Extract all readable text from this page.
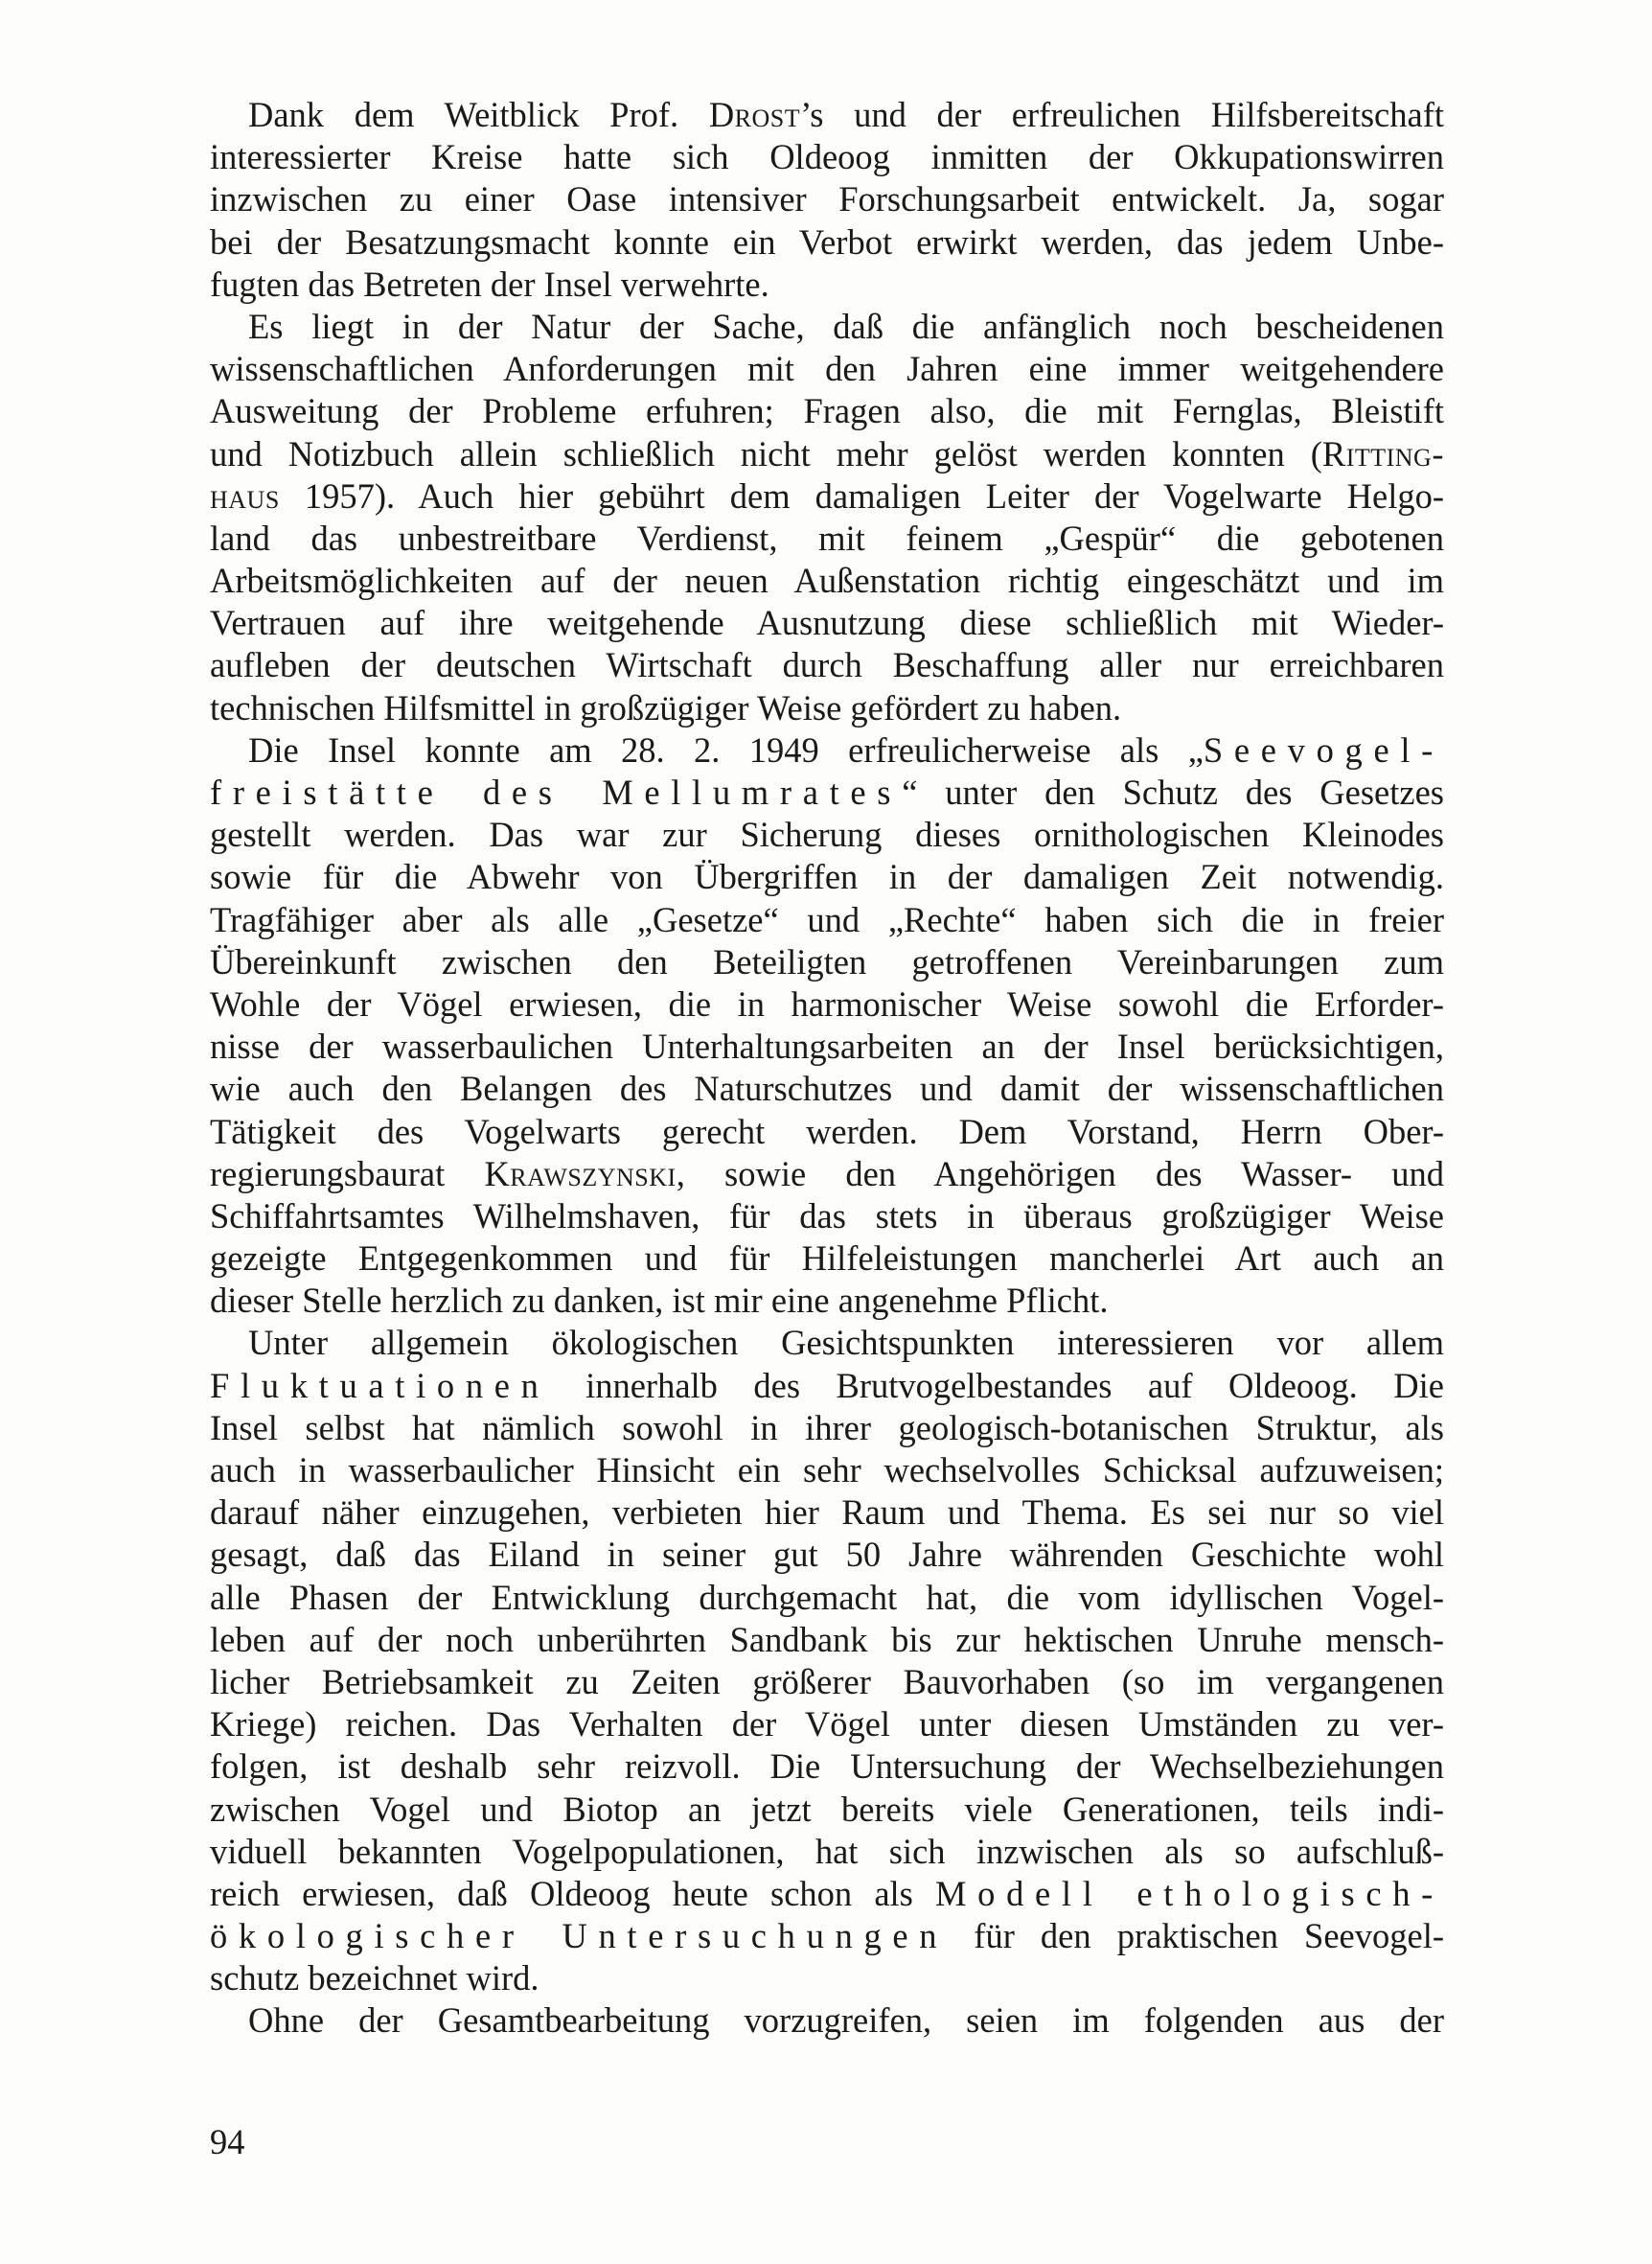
Dank dem Weitblick Prof. Drost’s und der erfreulichen Hilfsbereitschaft
interessierter Kreise hatte sich Oldeoog inmitten der Okkupationswirren
inzwischen zu einer Oase intensiver Forschungsarbeit entwickelt. Ja, sogar
bei der Besatzungsmacht konnte ein Verbot erwirkt werden, das jedem Unbe-
fugten das Betreten der Insel verwehrte.
Es liegt in der Natur der Sache, daß die anfänglich noch bescheidenen
wissenschaftlichen Anforderungen mit den Jahren eine immer weitgehendere
Ausweitung der Probleme erfuhren; Fragen also, die mit Fernglas, Bleistift
und Notizbuch allein schließlich nicht mehr gelöst werden konnten (Ritting-
haus 1957). Auch hier gebührt dem damaligen Leiter der Vogelwarte Helgo-
land das unbestreitbare Verdienst, mit feinem „Gespür“ die gebotenen
Arbeitsmöglichkeiten auf der neuen Außenstation richtig eingeschätzt und im
Vertrauen auf ihre weitgehende Ausnutzung diese schließlich mit Wieder-
aufleben der deutschen Wirtschaft durch Beschaffung aller nur erreichbaren
technischen Hilfsmittel in großzügiger Weise gefördert zu haben.
Die Insel konnte am 28. 2. 1949 erfreulicherweise als „Seevogel-
freistätte des Mellumrates“ unter den Schutz des Gesetzes
gestellt werden. Das war zur Sicherung dieses ornithologischen Kleinodes
sowie für die Abwehr von Übergriffen in der damaligen Zeit notwendig.
Tragfähiger aber als alle „Gesetze“ und „Rechte“ haben sich die in freier
Übereinkunft zwischen den Beteiligten getroffenen Vereinbarungen zum
Wohle der Vögel erwiesen, die in harmonischer Weise sowohl die Erforder-
nisse der wasserbaulichen Unterhaltungsarbeiten an der Insel berücksichtigen,
wie auch den Belangen des Naturschutzes und damit der wissenschaftlichen
Tätigkeit des Vogelwarts gerecht werden. Dem Vorstand, Herrn Ober-
regierungsbaurat Krawszynski, sowie den Angehörigen des Wasser- und
Schiffahrtsamtes Wilhelmshaven, für das stets in überaus großzügiger Weise
gezeigte Entgegenkommen und für Hilfeleistungen mancherlei Art auch an
dieser Stelle herzlich zu danken, ist mir eine angenehme Pflicht.
Unter allgemein ökologischen Gesichtspunkten interessieren vor allem
Fluktuationen innerhalb des Brutvogelbestandes auf Oldeoog. Die
Insel selbst hat nämlich sowohl in ihrer geologisch-botanischen Struktur, als
auch in wasserbaulicher Hinsicht ein sehr wechselvolles Schicksal aufzuweisen;
darauf näher einzugehen, verbieten hier Raum und Thema. Es sei nur so viel
gesagt, daß das Eiland in seiner gut 50 Jahre währenden Geschichte wohl
alle Phasen der Entwicklung durchgemacht hat, die vom idyllischen Vogel-
leben auf der noch unberührten Sandbank bis zur hektischen Unruhe mensch-
licher Betriebsamkeit zu Zeiten größerer Bauvorhaben (so im vergangenen
Kriege) reichen. Das Verhalten der Vögel unter diesen Umständen zu ver-
folgen, ist deshalb sehr reizvoll. Die Untersuchung der Wechselbeziehungen
zwischen Vogel und Biotop an jetzt bereits viele Generationen, teils indi-
viduell bekannten Vogelpopulationen, hat sich inzwischen als so aufschluß-
reich erwiesen, daß Oldeoog heute schon als Modell ethologisch-
ökologischer Untersuchungen für den praktischen Seevogel-
schutz bezeichnet wird.
Ohne der Gesamtbearbeitung vorzugreifen, seien im folgenden aus der
94
